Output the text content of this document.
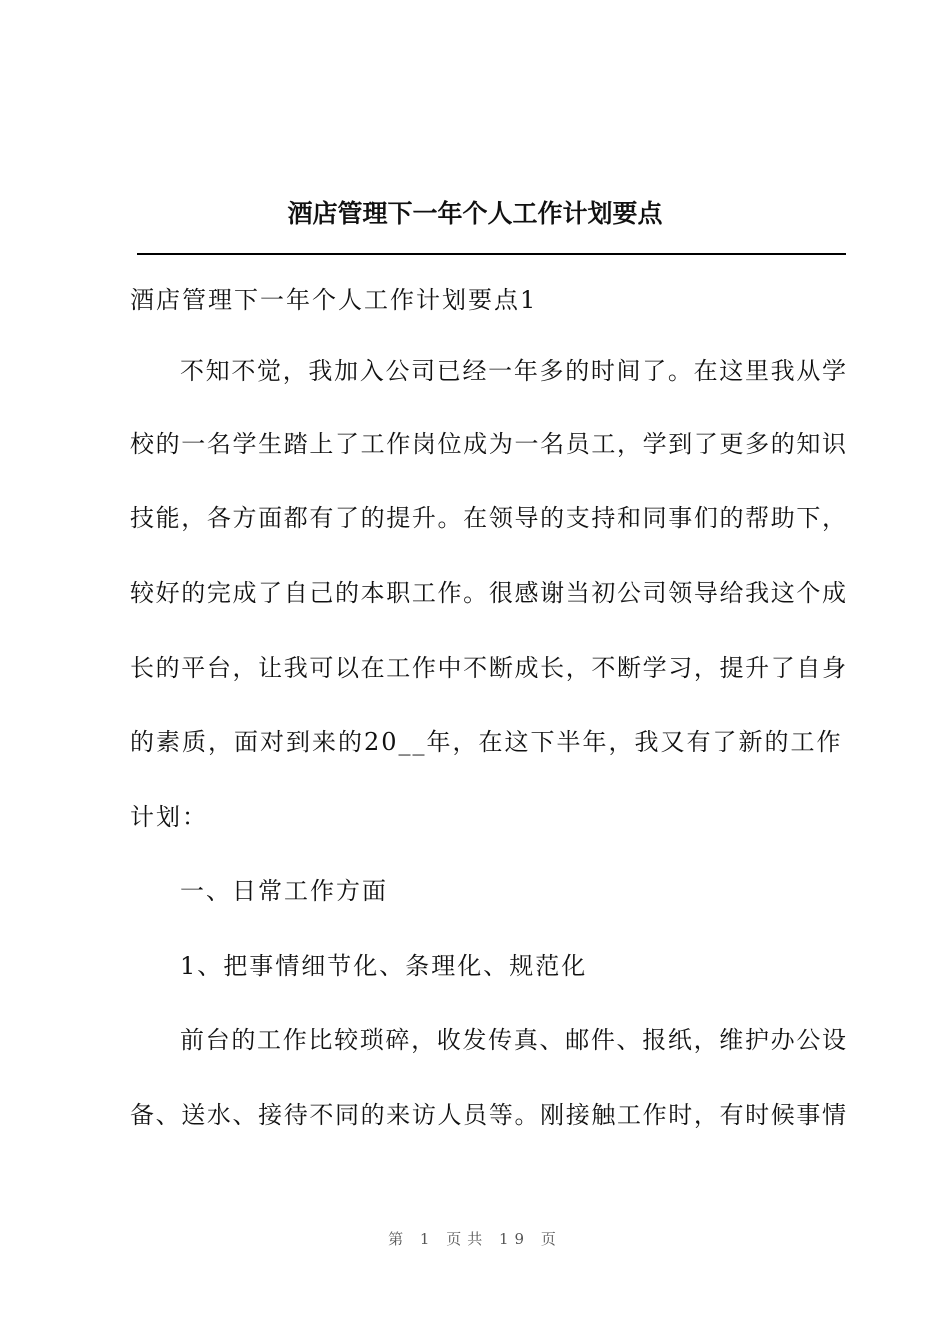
酒店管理下一年个人工作计划要点
酒店管理下一年个人工作计划要点1
不知不觉，我加入公司已经一年多的时间了。在这里我从学
校的一名学生踏上了工作岗位成为一名员工，学到了更多的知识
技能，各方面都有了的提升。在领导的支持和同事们的帮助下，
较好的完成了自己的本职工作。很感谢当初公司领导给我这个成
长的平台，让我可以在工作中不断成长，不断学习，提升了自身
的素质，面对到来的20__年，在这下半年，我又有了新的工作
计划：
一、日常工作方面
1、把事情细节化、条理化、规范化
前台的工作比较琐碎，收发传真、邮件、报纸，维护办公设
备、送水、接待不同的来访人员等。刚接触工作时，有时候事情
第 1 页共 19 页
